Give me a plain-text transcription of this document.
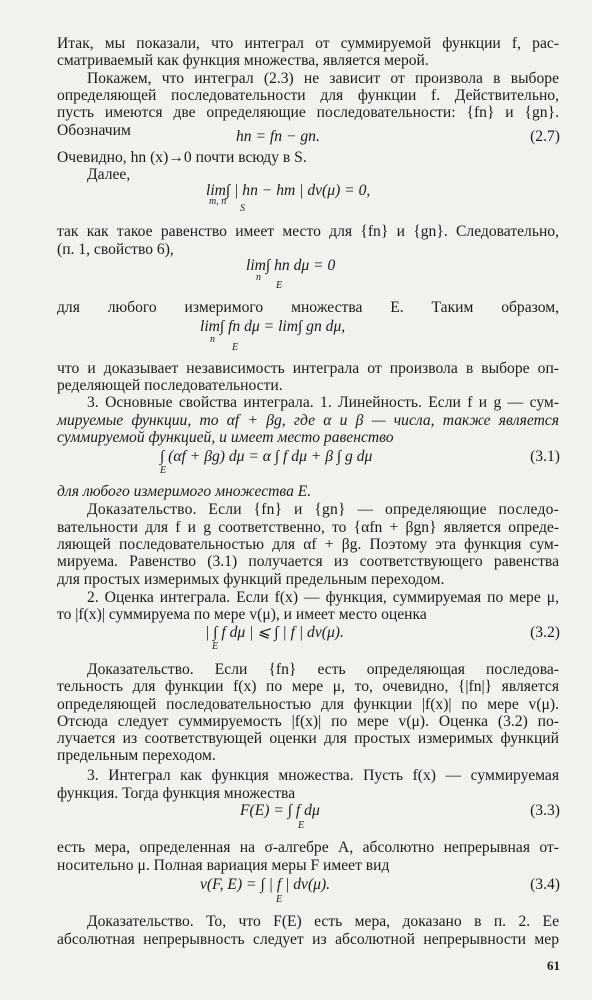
Итак, мы показали, что интеграл от суммируемой функции f, рас-
сматриваемый как функция множества, является мерой.
Покажем, что интеграл (2.3) не зависит от произвола в выборе
определяющей последовательности для функции f. Действительно,
пусть имеются две определяющие последовательности: {fn} и {gn}.
Обозначим	hn = fn − gn.	(2.7)
Очевидно, hn (x)→0 почти всюду в S.
Далее,
lim∫ | hn − hm | dv(μ) = 0,
m, n
S
так как такое равенство имеет место для {fn} и {gn}. Следовательно,
(п. 1, свойство 6),
lim∫ hn dμ = 0
n
E
для любого измеримого множества E. Таким образом,
lim∫ fn dμ = lim∫ gn dμ,
n
E
что и доказывает независимость интеграла от произвола в выборе оп-
ределяющей последовательности.
3. Основные свойства интеграла. 1. Линейность. Если f и g — сум-
мируемые функции, то αf + βg, где α и β — числа, также является
суммируемой функцией, и имеет место равенство
∫ (αf + βg) dμ = α ∫ f dμ + β ∫ g dμ
E
(3.1)
для любого измеримого множества E.
Доказательство. Если {fn} и {gn} — определяющие последо-
вательности для f и g соответственно, то {αfn + βgn} является опреде-
ляющей последовательностью для αf + βg. Поэтому эта функция сум-
мируема. Равенство (3.1) получается из соответствующего равенства
для простых измеримых функций предельным переходом.
2. Оценка интеграла. Если f(x) — функция, суммируемая по мере μ,
то |f(x)| суммируема по мере v(μ), и имеет место оценка
| ∫ f dμ | ⩽ ∫ | f | dv(μ).
E
(3.2)
Доказательство. Если {fn} есть определяющая последова-
тельность для функции f(x) по мере μ, то, очевидно, {|fn|} является
определяющей последовательностью для функции |f(x)| по мере v(μ).
Отсюда следует суммируемость |f(x)| по мере v(μ). Оценка (3.2) по-
лучается из соответствующей оценки для простых измеримых функций
предельным переходом.
3. Интеграл как функция множества. Пусть f(x) — суммируемая
функция. Тогда функция множества
F(E) = ∫ f dμ
E
(3.3)
есть мера, определенная на σ-алгебре A, абсолютно непрерывная от-
носительно μ. Полная вариация меры F имеет вид
v(F, E) = ∫ | f | dv(μ).
E
(3.4)
Доказательство. То, что F(E) есть мера, доказано в п. 2. Ее
абсолютная непрерывность следует из абсолютной непрерывности мер
61
